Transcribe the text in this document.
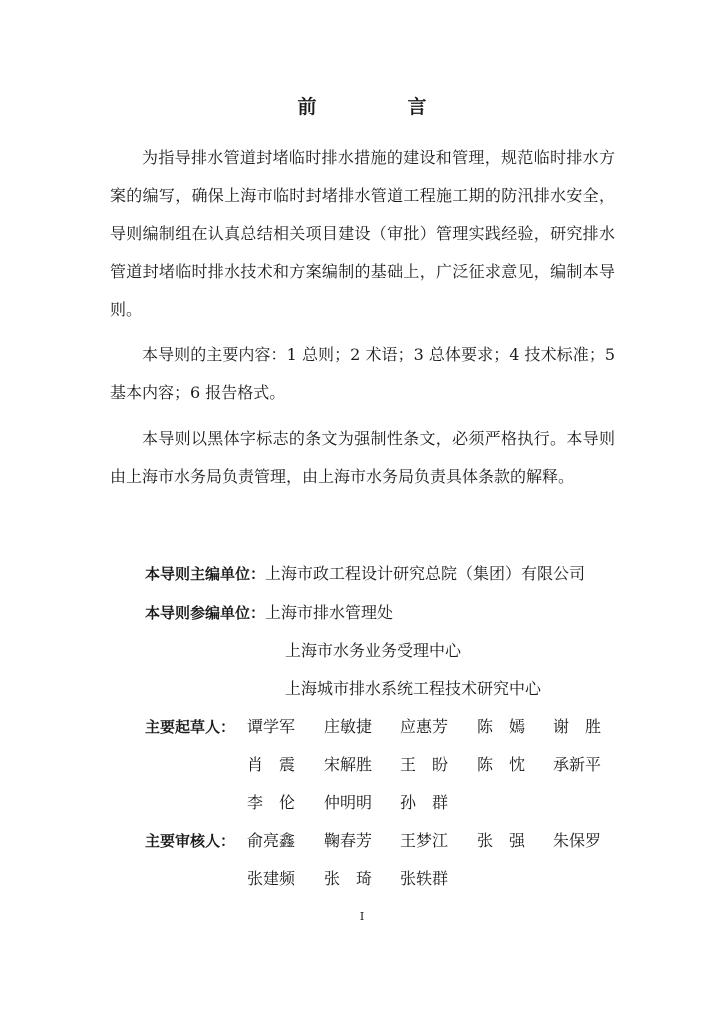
前　言

为指导排水管道封堵临时排水措施的建设和管理，规范临时排水方案的编写，确保上海市临时封堵排水管道工程施工期的防汛排水安全，导则编制组在认真总结相关项目建设（审批）管理实践经验，研究排水管道封堵临时排水技术和方案编制的基础上，广泛征求意见，编制本导则。

本导则的主要内容：1 总则；2 术语；3 总体要求；4 技术标准；5 基本内容；6 报告格式。

本导则以黑体字标志的条文为强制性条文，必须严格执行。本导则由上海市水务局负责管理，由上海市水务局负责具体条款的解释。

本导则主编单位：上海市政工程设计研究总院（集团）有限公司
本导则参编单位：上海市排水管理处
上海市水务业务受理中心
上海城市排水系统工程技术研究中心
主要起草人： 谭学军 庄敏捷 应惠芳 陈　嫣 谢　胜
肖　震 宋解胜 王　盼 陈　忱 承新平
李　伦 仲明明 孙　群
主要审核人： 俞亮鑫 鞠春芳 王梦江 张　强 朱保罗
张建频 张　琦 张轶群
I
